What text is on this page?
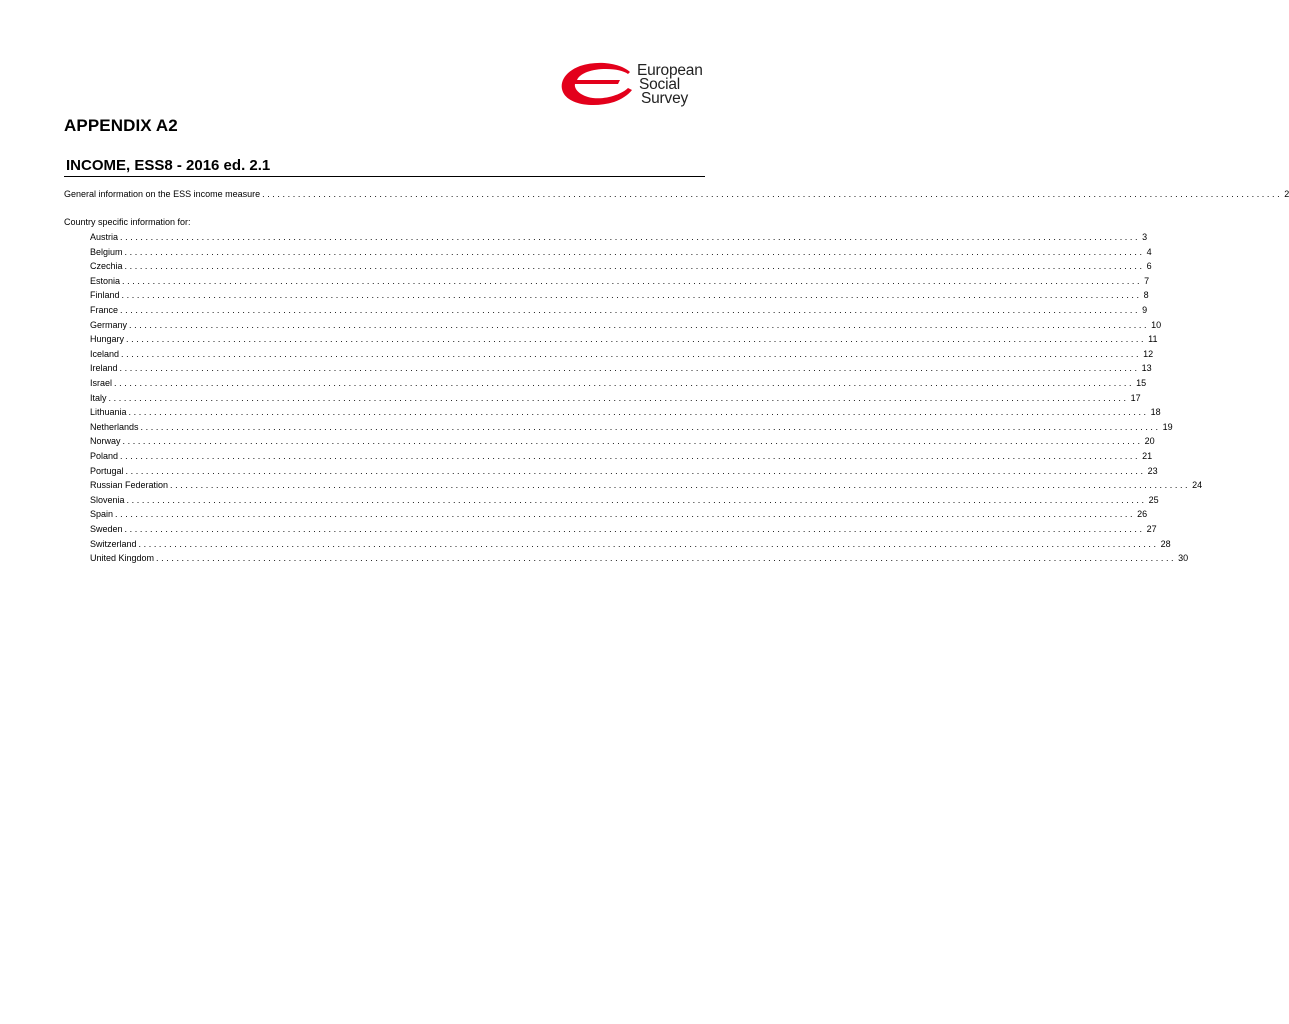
European
Social
Survey
APPENDIX A2
INCOME, ESS8 - 2016 ed. 2.1
General information on the ESS income measure ........................................................................................................................................................................................................ 2
Country specific information for:
Austria ........................................................................................................................................................................................................ 3
Belgium ........................................................................................................................................................................................................ 4
Czechia ........................................................................................................................................................................................................ 6
Estonia ........................................................................................................................................................................................................ 7
Finland ........................................................................................................................................................................................................ 8
France ........................................................................................................................................................................................................ 9
Germany ........................................................................................................................................................................................................ 10
Hungary ........................................................................................................................................................................................................ 11
Iceland ........................................................................................................................................................................................................ 12
Ireland ........................................................................................................................................................................................................ 13
Israel ........................................................................................................................................................................................................ 15
Italy ........................................................................................................................................................................................................ 17
Lithuania ........................................................................................................................................................................................................ 18
Netherlands ........................................................................................................................................................................................................ 19
Norway ........................................................................................................................................................................................................ 20
Poland ........................................................................................................................................................................................................ 21
Portugal ........................................................................................................................................................................................................ 23
Russian Federation ........................................................................................................................................................................................................ 24
Slovenia ........................................................................................................................................................................................................ 25
Spain ........................................................................................................................................................................................................ 26
Sweden ........................................................................................................................................................................................................ 27
Switzerland ........................................................................................................................................................................................................ 28
United Kingdom ........................................................................................................................................................................................................ 30
